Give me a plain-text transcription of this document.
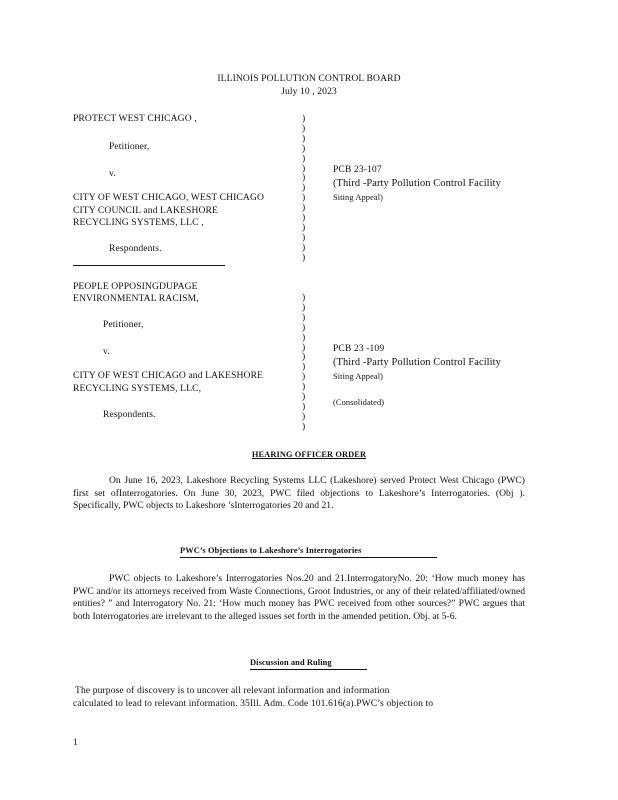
ILLINOIS POLLUTION CONTROL BOARD
July 10 , 2023
PROTECT WEST CHICAGO ,
Petitioner,
v.
CITY OF WEST CHICAGO, WEST CHICAGO
CITY COUNCIL and LAKESHORE
RECYCLING SYSTEMS, LLC ,
Respondents.
)
)
)
)
)
)
)
)
)
)
)
)
)
)
)
PCB 23-107
(Third -Party Pollution Control Facility
Siting Appeal)
PEOPLE OPPOSINGDUPAGE
ENVIRONMENTAL RACISM,
Petitioner,
v.
CITY OF WEST CHICAGO and LAKESHORE
RECYCLING SYSTEMS, LLC,
Respondents.
)
)
)
)
)
)
)
)
)
)
)
)
)
)
PCB 23 -109
(Third -Party Pollution Control Facility
Siting Appeal)
(Consolidated)
HEARING OFFICER ORDER
On June 16, 2023, Lakeshore Recycling Systems LLC (Lakeshore) served Protect West Chicago (PWC) first set ofInterrogatories. On June 30, 2023, PWC filed objections to Lakeshore’s Interrogatories. (Obj ). Specifically, PWC objects to Lakeshore ’sInterrogatories 20 and 21.
PWC’s Objections to Lakeshore’s Interrogatories
PWC objects to Lakeshore’s Interrogatories Nos.20 and 21.InterrogatoryNo. 20: ‘How much money has PWC and/or its attorneys received from Waste Connections, Groot Industries, or any of their related/affiliated/owned entities? ” and Interrogatory No. 21: ‘How much money has PWC received from other sources?” PWC argues that both Interrogatories are irrelevant to the alleged issues set forth in the amended petition. Obj. at 5-6.
Discussion and Ruling
The purpose of discovery is to uncover all relevant information and information
calculated to lead to relevant information. 35Ill. Adm. Code 101.616(a).PWC’s objection to
1
